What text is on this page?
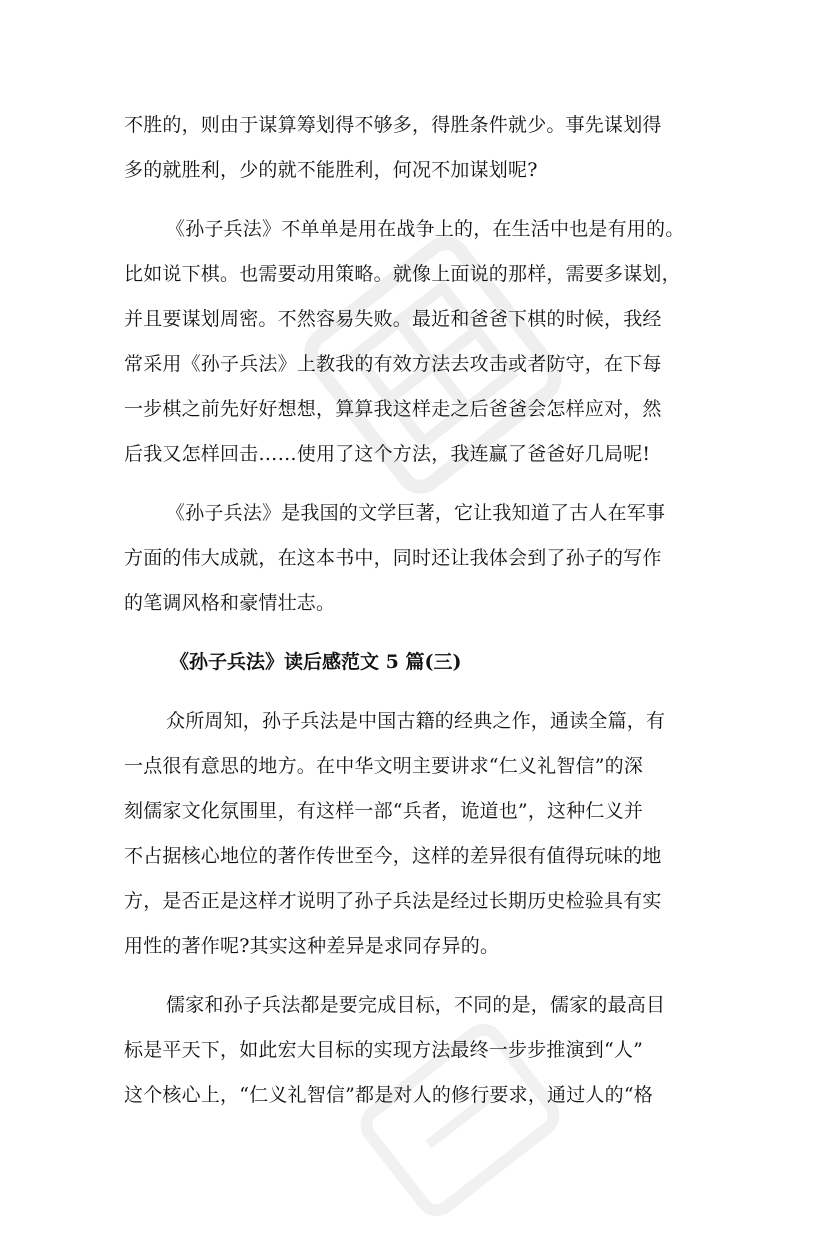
不胜的，则由于谋算筹划得不够多，得胜条件就少。事先谋划得
多的就胜利，少的就不能胜利，何况不加谋划呢?

《孙子兵法》不单单是用在战争上的，在生活中也是有用的。
比如说下棋。也需要动用策略。就像上面说的那样，需要多谋划，
并且要谋划周密。不然容易失败。最近和爸爸下棋的时候，我经
常采用《孙子兵法》上教我的有效方法去攻击或者防守，在下每
一步棋之前先好好想想，算算我这样走之后爸爸会怎样应对，然
后我又怎样回击……使用了这个方法，我连赢了爸爸好几局呢!

《孙子兵法》是我国的文学巨著，它让我知道了古人在军事
方面的伟大成就，在这本书中，同时还让我体会到了孙子的写作
的笔调风格和豪情壮志。

《孙子兵法》读后感范文 5 篇(三)

众所周知，孙子兵法是中国古籍的经典之作，通读全篇，有
一点很有意思的地方。在中华文明主要讲求“仁义礼智信”的深
刻儒家文化氛围里，有这样一部“兵者，诡道也”，这种仁义并
不占据核心地位的著作传世至今，这样的差异很有值得玩味的地
方，是否正是这样才说明了孙子兵法是经过长期历史检验具有实
用性的著作呢?其实这种差异是求同存异的。

儒家和孙子兵法都是要完成目标，不同的是，儒家的最高目
标是平天下，如此宏大目标的实现方法最终一步步推演到“人”
这个核心上，“仁义礼智信”都是对人的修行要求，通过人的“格
